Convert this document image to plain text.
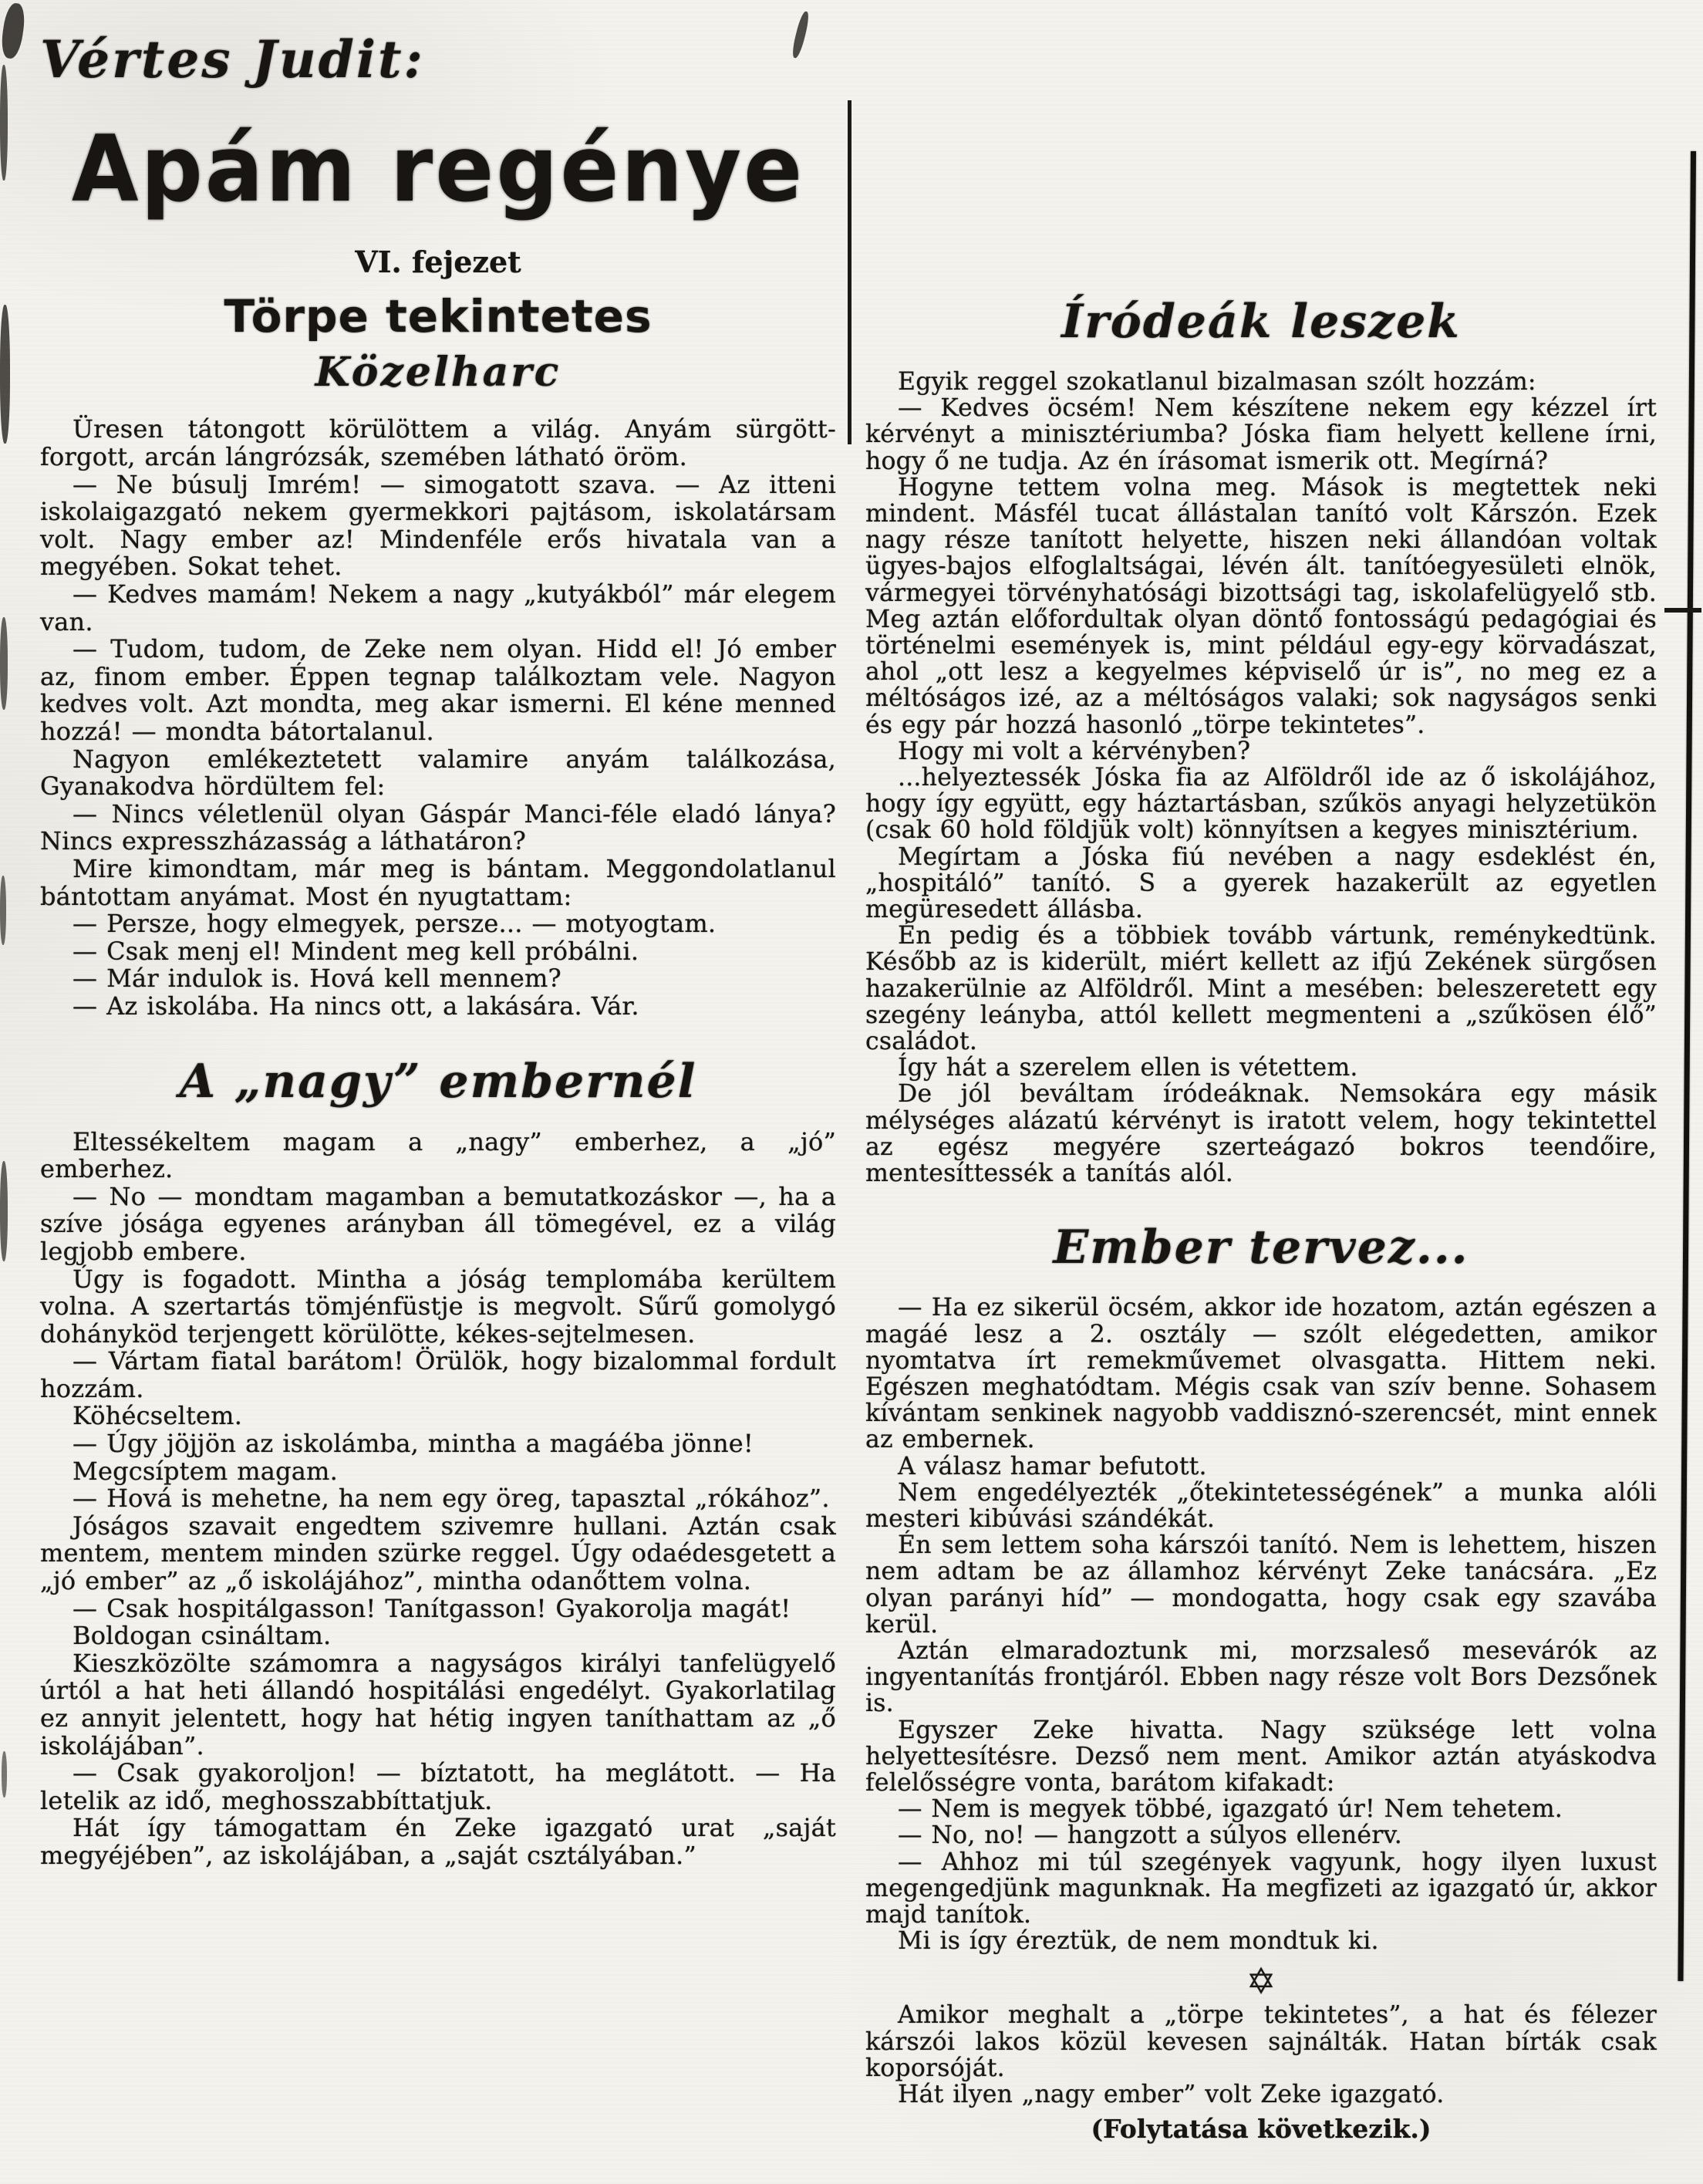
Vértes Judit:
Apám regénye
VI. fejezet
Törpe tekintetes
Közelharc

Üresen tátongott körülöttem a világ. Anyám sürgött-forgott, arcán lángrózsák, szemében látható öröm.

— Ne búsulj Imrém! — simogatott szava. — Az itteni iskolaigazgató nekem gyermekkori pajtásom, iskolatársam volt. Nagy ember az! Mindenféle erős hivatala van a megyében. Sokat tehet.

— Kedves mamám! Nekem a nagy „kutyákból” már elegem van.

— Tudom, tudom, de Zeke nem olyan. Hidd el! Jó ember az, finom ember. Éppen tegnap találkoztam vele. Nagyon kedves volt. Azt mondta, meg akar ismerni. El kéne menned hozzá! — mondta bátortalanul.

Nagyon emlékeztetett valamire anyám találkozása, Gyanakodva hördültem fel:

— Nincs véletlenül olyan Gáspár Manci-féle eladó lánya? Nincs expresszházasság a láthatáron?

Mire kimondtam, már meg is bántam. Meggondolatlanul bántottam anyámat. Most én nyugtattam:

— Persze, hogy elmegyek, persze... — motyogtam.

— Csak menj el! Mindent meg kell próbálni.

— Már indulok is. Hová kell mennem?

— Az iskolába. Ha nincs ott, a lakására. Vár.

A „nagy” embernél

Eltessékeltem magam a „nagy” emberhez, a „jó” emberhez.

— No — mondtam magamban a bemutatkozáskor —, ha a szíve jósága egyenes arányban áll tömegével, ez a világ legjobb embere.

Úgy is fogadott. Mintha a jóság templomába kerültem volna. A szertartás tömjénfüstje is megvolt. Sűrű gomolygó dohányköd terjengett körülötte, kékes-sejtelmesen.

— Vártam fiatal barátom! Örülök, hogy bizalommal fordult hozzám.

Köhécseltem.

— Úgy jöjjön az iskolámba, mintha a magáéba jönne!

Megcsíptem magam.

— Hová is mehetne, ha nem egy öreg, tapasztal „rókához”.

Jóságos szavait engedtem szivemre hullani. Aztán csak mentem, mentem minden szürke reggel. Úgy odaédesgetett a „jó ember” az „ő iskolájához”, mintha odanőttem volna.

— Csak hospitálgasson! Tanítgasson! Gyakorolja magát!

Boldogan csináltam.

Kieszközölte számomra a nagyságos királyi tanfelügyelő úrtól a hat heti állandó hospitálási engedélyt. Gyakorlatilag ez annyit jelentett, hogy hat hétig ingyen taníthattam az „ő iskolájában”.

— Csak gyakoroljon! — bíztatott, ha meglátott. — Ha letelik az idő, meghosszabbíttatjuk.

Hát így támogattam én Zeke igazgató urat „saját megyéjében”, az iskolájában, a „saját csztályában.”

Íródeák leszek

Egyik reggel szokatlanul bizalmasan szólt hozzám:

— Kedves öcsém! Nem készítene nekem egy kézzel írt kérvényt a minisztériumba? Jóska fiam helyett kellene írni, hogy ő ne tudja. Az én írásomat ismerik ott. Megírná?

Hogyne tettem volna meg. Mások is megtettek neki mindent. Másfél tucat állástalan tanító volt Kárszón. Ezek nagy része tanított helyette, hiszen neki állandóan voltak ügyes-bajos elfoglaltságai, lévén ált. tanítóegyesületi elnök, vármegyei törvényhatósági bizottsági tag, iskolafelügyelő stb. Meg aztán előfordultak olyan döntő fontosságú pedagógiai és történelmi események is, mint például egy-egy körvadászat, ahol „ott lesz a kegyelmes képviselő úr is”, no meg ez a méltóságos izé, az a méltóságos valaki; sok nagyságos senki és egy pár hozzá hasonló „törpe tekintetes”.

Hogy mi volt a kérvényben?

...helyeztessék Jóska fia az Alföldről ide az ő iskolájához, hogy így együtt, egy háztartásban, szűkös anyagi helyzetükön (csak 60 hold földjük volt) könnyítsen a kegyes minisztérium.

Megírtam a Jóska fiú nevében a nagy esdeklést én, „hospitáló” tanító. S a gyerek hazakerült az egyetlen megüresedett állásba.

Én pedig és a többiek tovább vártunk, reménykedtünk. Később az is kiderült, miért kellett az ifjú Zekének sürgősen hazakerülnie az Alföldről. Mint a mesében: beleszeretett egy szegény leányba, attól kellett megmenteni a „szűkösen élő” családot.

Így hát a szerelem ellen is vétettem.

De jól beváltam íródeáknak. Nemsokára egy másik mélységes alázatú kérvényt is iratott velem, hogy tekintettel az egész megyére szerteágazó bokros teendőire, mentesíttessék a tanítás alól.

Ember tervez...

— Ha ez sikerül öcsém, akkor ide hozatom, aztán egészen a magáé lesz a 2. osztály — szólt elégedetten, amikor nyomtatva írt remekművemet olvasgatta. Hittem neki. Egészen meghatódtam. Mégis csak van szív benne. Sohasem kívántam senkinek nagyobb vaddisznó-szerencsét, mint ennek az embernek.

A válasz hamar befutott.

Nem engedélyezték „őtekintetességének” a munka alóli mesteri kibúvási szándékát.

Én sem lettem soha kárszói tanító. Nem is lehettem, hiszen nem adtam be az államhoz kérvényt Zeke tanácsára. „Ez olyan parányi híd” — mondogatta, hogy csak egy szavába kerül.

Aztán elmaradoztunk mi, morzsaleső mesevárók az ingyentanítás frontjáról. Ebben nagy része volt Bors Dezsőnek is.

Egyszer Zeke hivatta. Nagy szüksége lett volna helyettesítésre. Dezső nem ment. Amikor aztán atyáskodva felelősségre vonta, barátom kifakadt:

— Nem is megyek többé, igazgató úr! Nem tehetem.

— No, no! — hangzott a súlyos ellenérv.

— Ahhoz mi túl szegények vagyunk, hogy ilyen luxust megengedjünk magunknak. Ha megfizeti az igazgató úr, akkor majd tanítok.

Mi is így éreztük, de nem mondtuk ki.

✡

Amikor meghalt a „törpe tekintetes”, a hat és félezer kárszói lakos közül kevesen sajnálták. Hatan bírták csak koporsóját.

Hát ilyen „nagy ember” volt Zeke igazgató.

(Folytatása következik.)
